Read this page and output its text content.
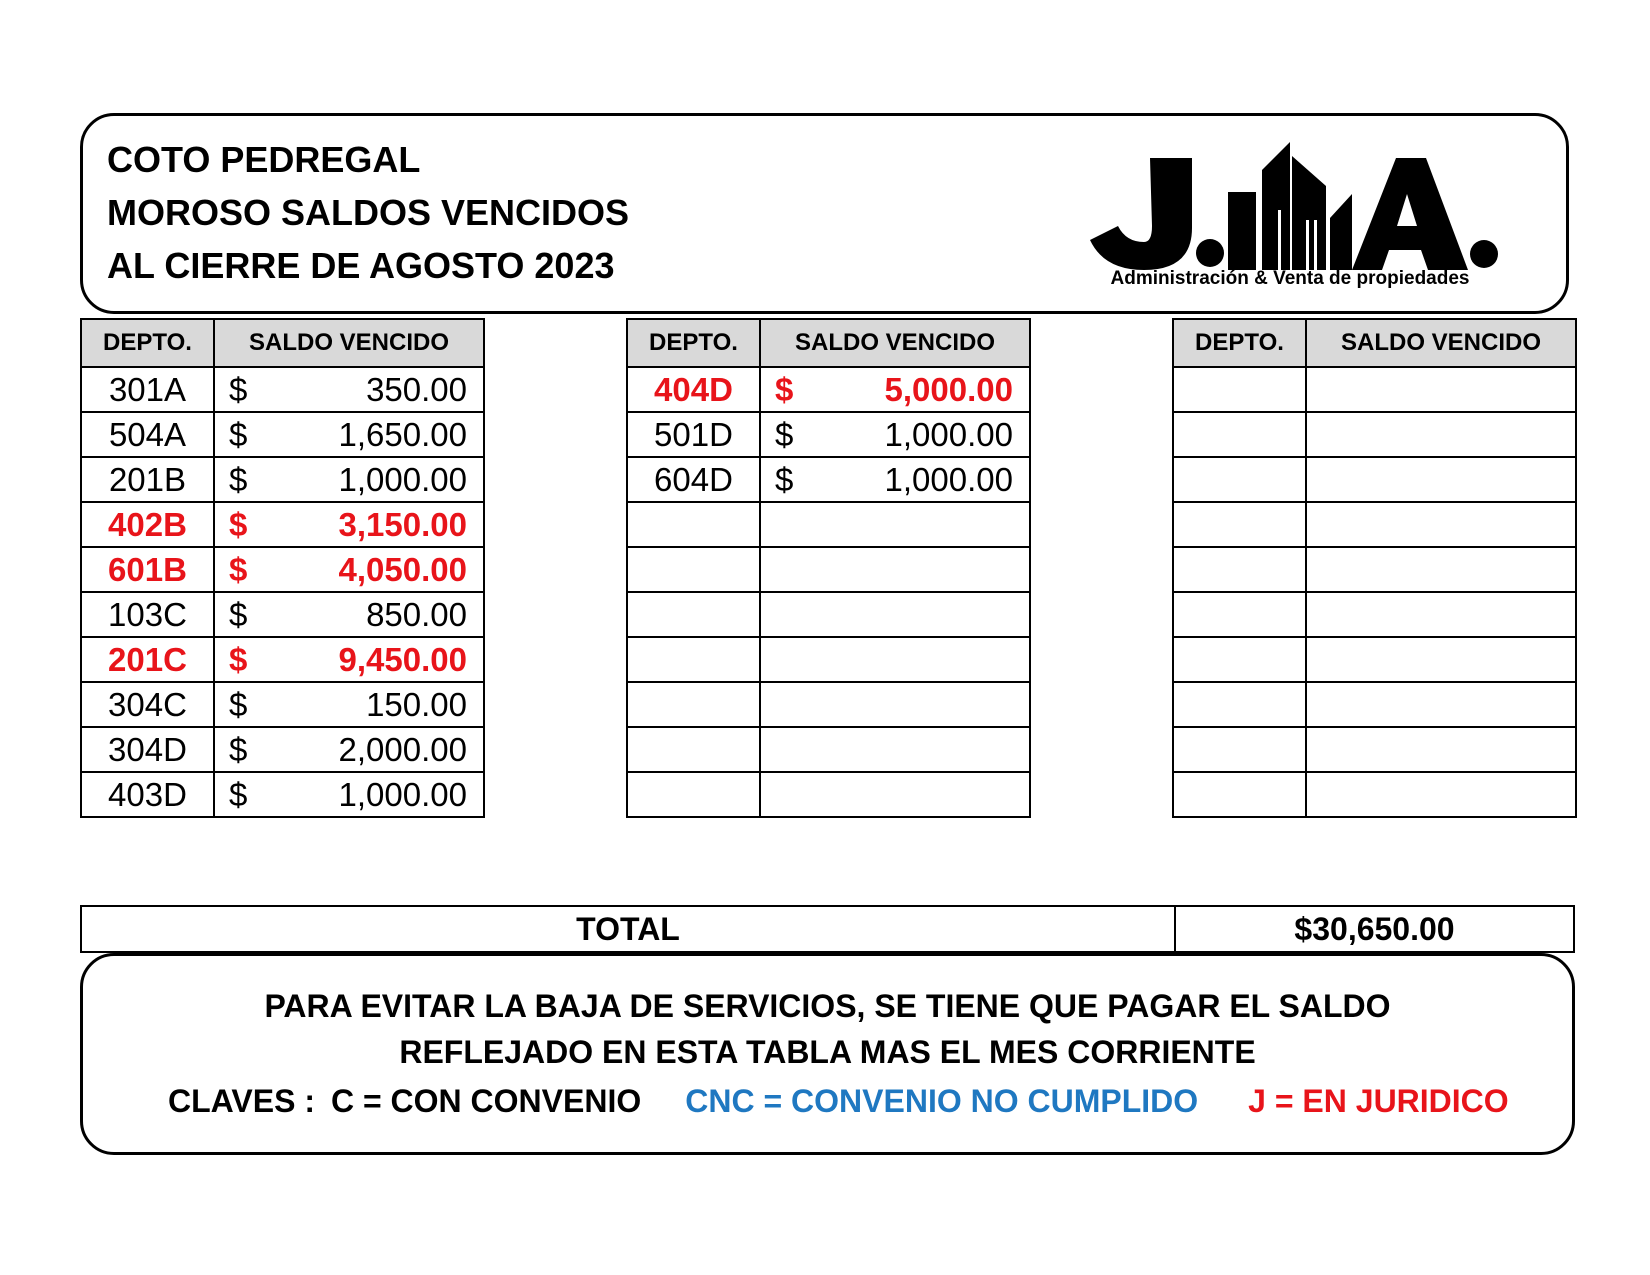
COTO PEDREGAL
MOROSO SALDOS VENCIDOS
AL CIERRE DE AGOSTO 2023	Administración & Venta de propiedades
DEPTO.	SALDO VENCIDO
301A	$ 350.00

504A	$ 1,650.00

201B	$ 1,000.00

402B	$ 3,150.00

601B	$ 4,050.00

103C	$ 850.00

201C	$ 9,450.00

304C	$ 150.00

304D	$ 2,000.00

403D	$ 1,000.00
DEPTO.	SALDO VENCIDO
404D	$ 5,000.00

501D	$ 1,000.00

604D	$ 1,000.00

DEPTO.	SALDO VENCIDO

TOTAL	$30,650.00
PARA EVITAR LA BAJA DE SERVICIOS, SE TIENE QUE PAGAR EL SALDO
REFLEJADO EN ESTA TABLA MAS EL MES CORRIENTE
CLAVES : C = CON CONVENIO CNC = CONVENIO NO CUMPLIDO J = EN JURIDICO
